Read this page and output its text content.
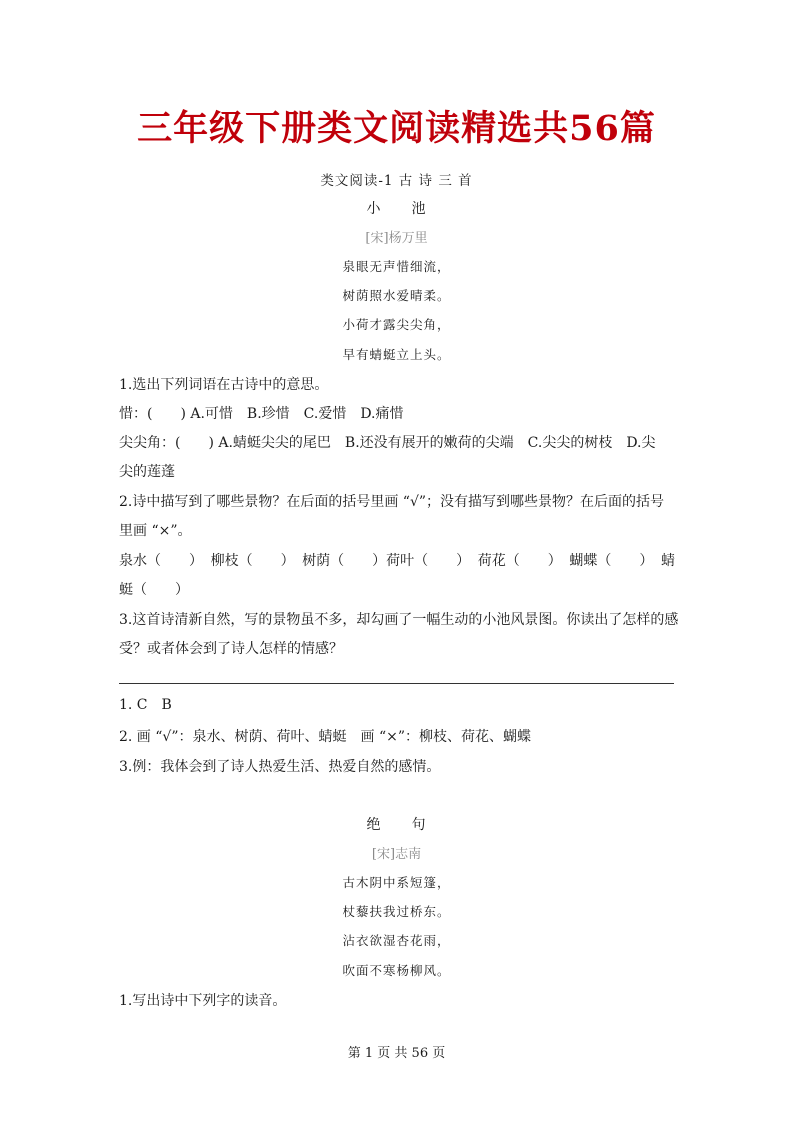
三年级下册类文阅读精选共56篇
类文阅读-1 古 诗 三 首
小　　池
[宋]杨万里
泉眼无声惜细流，
树荫照水爱晴柔。
小荷才露尖尖角，
早有蜻蜓立上头。
1.选出下列词语在古诗中的意思。
惜：(　　) A.可惜 B.珍惜 C.爱惜 D.痛惜
尖尖角：(　　) A.蜻蜓尖尖的尾巴 B.还没有展开的嫩荷的尖端 C.尖尖的树枝 D.尖
尖的莲蓬
2.诗中描写到了哪些景物？在后面的括号里画 “√”；没有描写到哪些景物？在后面的括号
里画 “×”。
泉水（　　） 柳枝（　　） 树荫（　　）荷叶（　　） 荷花（　　） 蝴蝶（　　） 蜻
蜓（　　）
3.这首诗清新自然，写的景物虽不多，却勾画了一幅生动的小池风景图。你读出了怎样的感
受？或者体会到了诗人怎样的情感？
1. C B
2. 画 “√”：泉水、树荫、荷叶、蜻蜓 画 “×”：柳枝、荷花、蝴蝶
3.例：我体会到了诗人热爱生活、热爱自然的感情。
绝　　句
[宋]志南
古木阴中系短篷，
杖藜扶我过桥东。
沾衣欲湿杏花雨，
吹面不寒杨柳风。
1.写出诗中下列字的读音。
第 1 页 共 56 页
